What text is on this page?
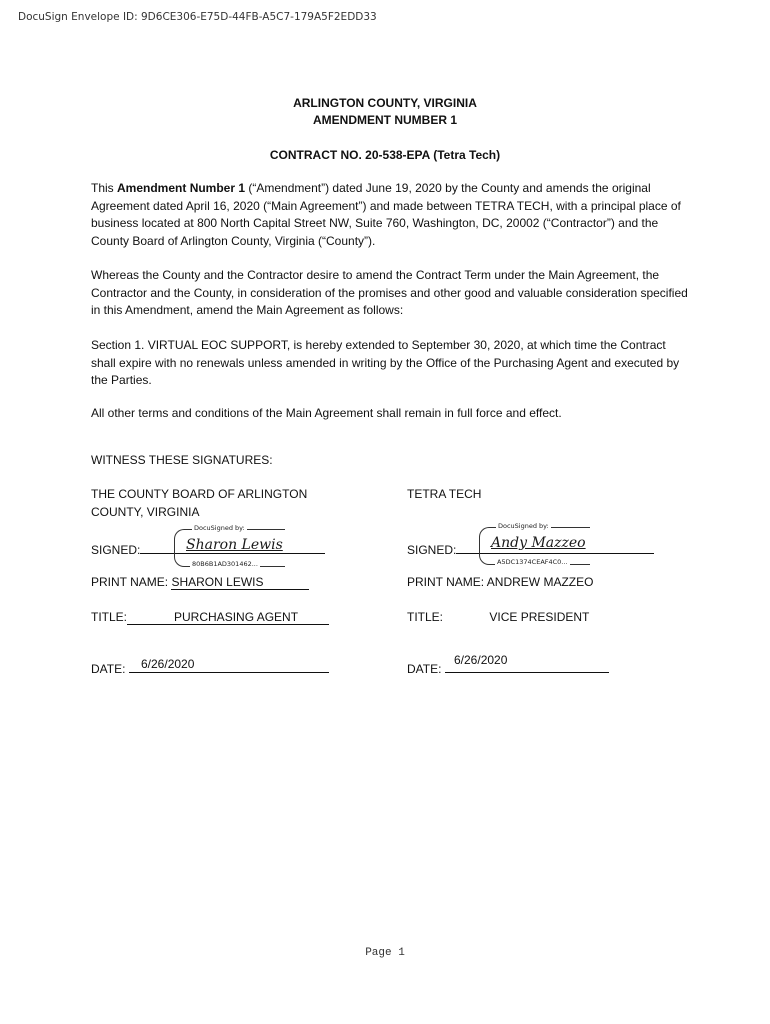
DocuSign Envelope ID: 9D6CE306-E75D-44FB-A5C7-179A5F2EDD33
ARLINGTON COUNTY, VIRGINIA
AMENDMENT NUMBER 1
CONTRACT NO. 20-538-EPA (Tetra Tech)

This Amendment Number 1 (“Amendment”) dated June 19, 2020 by the County and amends the original Agreement dated April 16, 2020 (“Main Agreement”) and made between TETRA TECH, with a principal place of business located at 800 North Capital Street NW, Suite 760, Washington, DC, 20002 (“Contractor”) and the County Board of Arlington County, Virginia (“County”).

Whereas the County and the Contractor desire to amend the Contract Term under the Main Agreement, the Contractor and the County, in consideration of the promises and other good and valuable consideration specified in this Amendment, amend the Main Agreement as follows:

Section 1. VIRTUAL EOC SUPPORT, is hereby extended to September 30, 2020, at which time the Contract shall expire with no renewals unless amended in writing by the Office of the Purchasing Agent and executed by the Parties.

All other terms and conditions of the Main Agreement shall remain in full force and effect.

WITNESS THESE SIGNATURES:

THE COUNTY BOARD OF ARLINGTON
COUNTY, VIRGINIA
SIGNED:
DocuSigned by:
Sharon Lewis
80B6B1AD301462...
PRINT NAME: SHARON LEWIS
TITLE:	PURCHASING AGENT
DATE:	6/26/2020
TETRA TECH
SIGNED:
DocuSigned by:
Andy Mazzeo
A5DC1374CEAF4C0...
PRINT NAME: ANDREW MAZZEO
TITLE:	VICE PRESIDENT
DATE:
6/26/2020
Page 1
